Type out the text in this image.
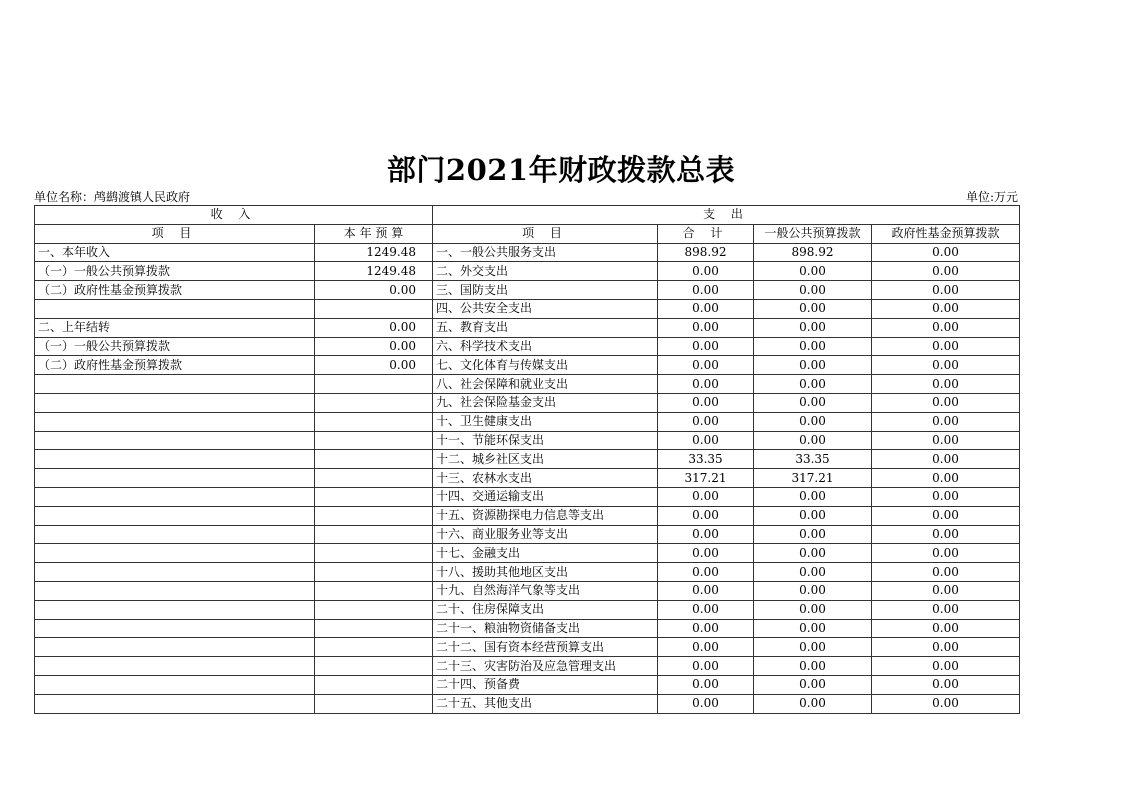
部门2021年财政拨款总表
单位名称：鸬鹚渡镇人民政府	单位:万元
收 入		支 出			
项 目	本 年 预 算	项 目	合 计	一般公共预算拨款	政府性基金预算拨款
一、本年收入	1249.48	一、一般公共服务支出	898.92	898.92	0.00
（一）一般公共预算拨款	1249.48	二、外交支出	0.00	0.00	0.00
（二）政府性基金预算拨款	0.00	三、国防支出	0.00	0.00	0.00
		四、公共安全支出	0.00	0.00	0.00
二、上年结转	0.00	五、教育支出	0.00	0.00	0.00
（一）一般公共预算拨款	0.00	六、科学技术支出	0.00	0.00	0.00
（二）政府性基金预算拨款	0.00	七、文化体育与传媒支出	0.00	0.00	0.00
		八、社会保障和就业支出	0.00	0.00	0.00
		九、社会保险基金支出	0.00	0.00	0.00
		十、卫生健康支出	0.00	0.00	0.00
		十一、节能环保支出	0.00	0.00	0.00
		十二、城乡社区支出	33.35	33.35	0.00
		十三、农林水支出	317.21	317.21	0.00
		十四、交通运输支出	0.00	0.00	0.00
		十五、资源勘探电力信息等支出	0.00	0.00	0.00
		十六、商业服务业等支出	0.00	0.00	0.00
		十七、金融支出	0.00	0.00	0.00
		十八、援助其他地区支出	0.00	0.00	0.00
		十九、自然海洋气象等支出	0.00	0.00	0.00
		二十、住房保障支出	0.00	0.00	0.00
		二十一、粮油物资储备支出	0.00	0.00	0.00
		二十二、国有资本经营预算支出	0.00	0.00	0.00
		二十三、灾害防治及应急管理支出	0.00	0.00	0.00
		二十四、预备费	0.00	0.00	0.00
		二十五、其他支出	0.00	0.00	0.00
